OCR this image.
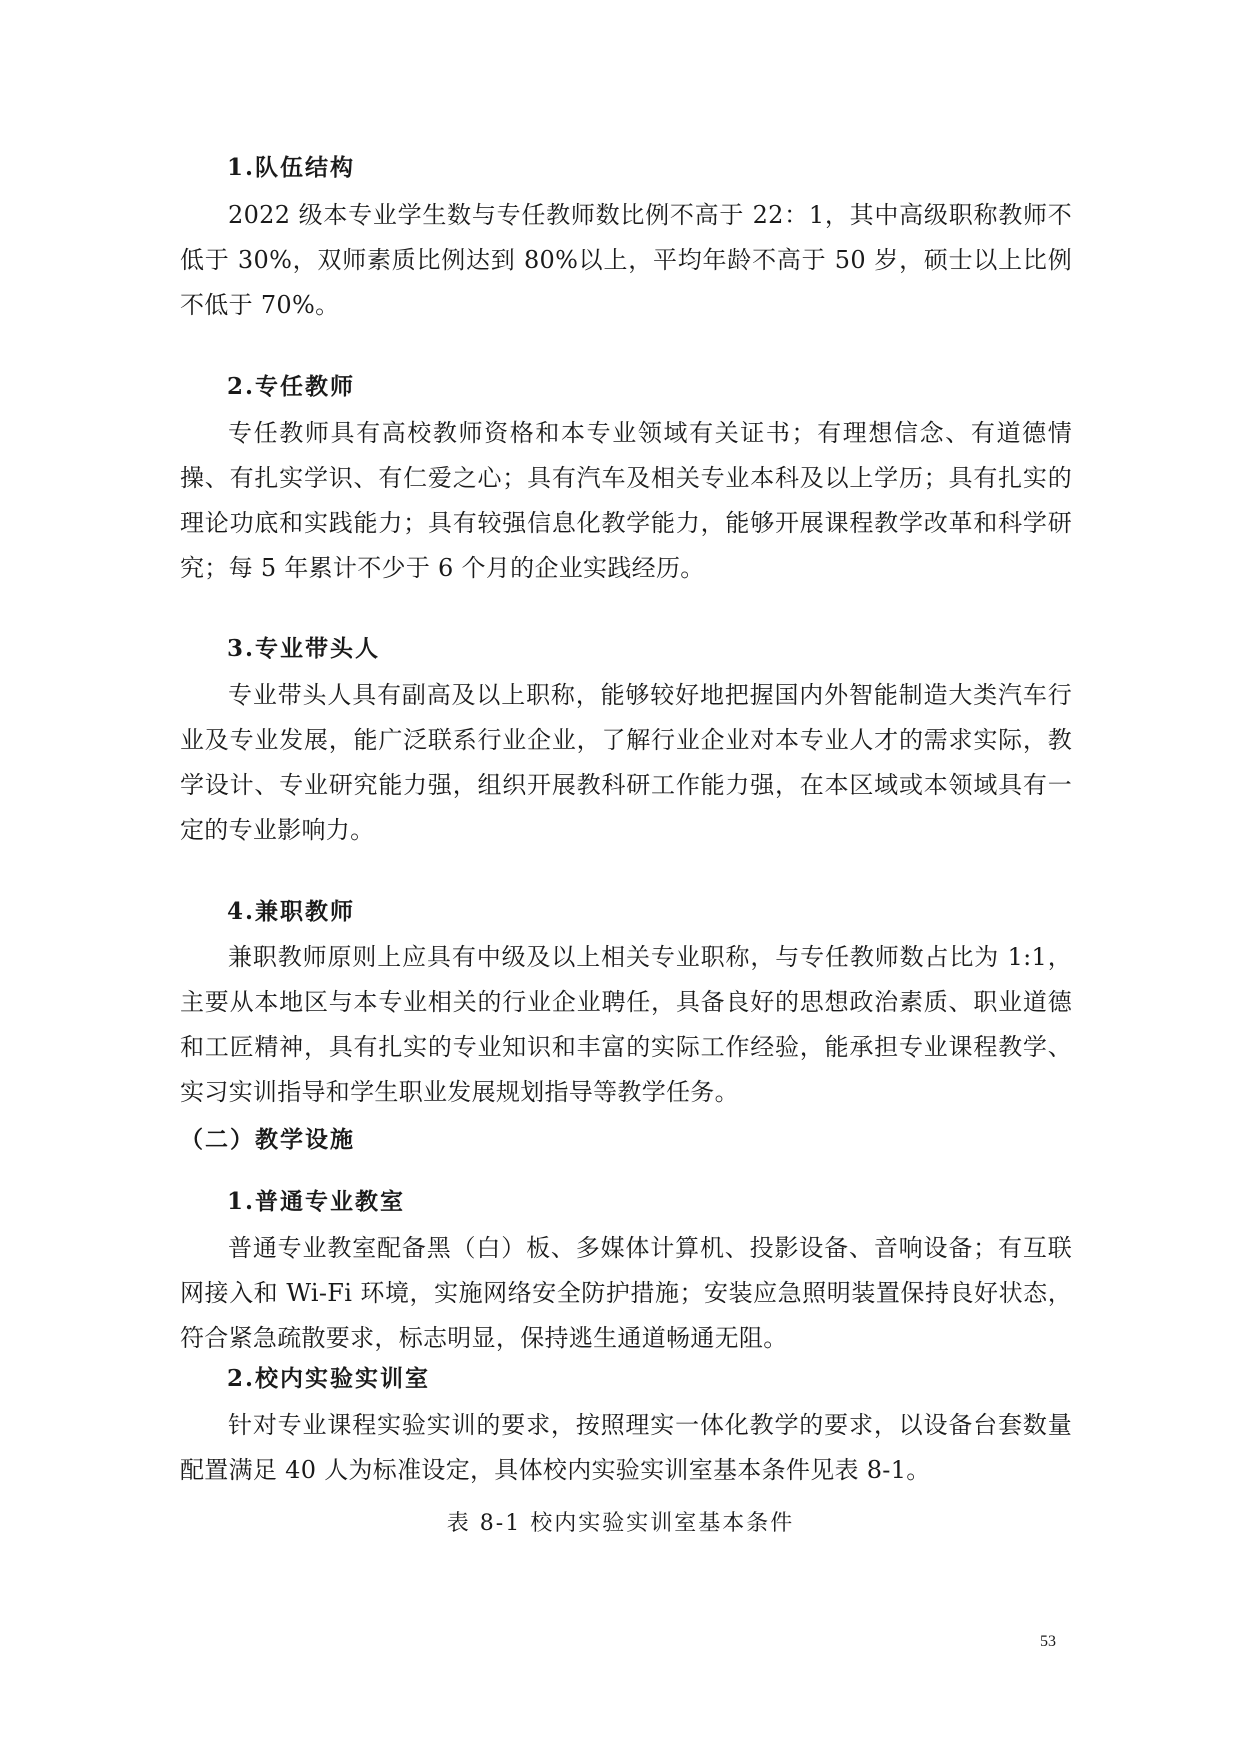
1.队伍结构

2022 级本专业学生数与专任教师数比例不高于 22：1，其中高级职称教师不低于 30%，双师素质比例达到 80%以上，平均年龄不高于 50 岁，硕士以上比例不低于 70%。

2.专任教师

专任教师具有高校教师资格和本专业领域有关证书；有理想信念、有道德情操、有扎实学识、有仁爱之心；具有汽车及相关专业本科及以上学历；具有扎实的理论功底和实践能力；具有较强信息化教学能力，能够开展课程教学改革和科学研究；每 5 年累计不少于 6 个月的企业实践经历。

3.专业带头人

专业带头人具有副高及以上职称，能够较好地把握国内外智能制造大类汽车行业及专业发展，能广泛联系行业企业，了解行业企业对本专业人才的需求实际，教学设计、专业研究能力强，组织开展教科研工作能力强，在本区域或本领域具有一定的专业影响力。

4.兼职教师

兼职教师原则上应具有中级及以上相关专业职称，与专任教师数占比为 1:1，主要从本地区与本专业相关的行业企业聘任，具备良好的思想政治素质、职业道德和工匠精神，具有扎实的专业知识和丰富的实际工作经验，能承担专业课程教学、实习实训指导和学生职业发展规划指导等教学任务。

（二）教学设施
1.普通专业教室

普通专业教室配备黑（白）板、多媒体计算机、投影设备、音响设备；有互联网接入和 Wi-Fi 环境，实施网络安全防护措施；安装应急照明装置保持良好状态，符合紧急疏散要求，标志明显，保持逃生通道畅通无阻。

2.校内实验实训室

针对专业课程实验实训的要求，按照理实一体化教学的要求，以设备台套数量配置满足 40 人为标准设定，具体校内实验实训室基本条件见表 8-1。

表 8-1 校内实验实训室基本条件
53
